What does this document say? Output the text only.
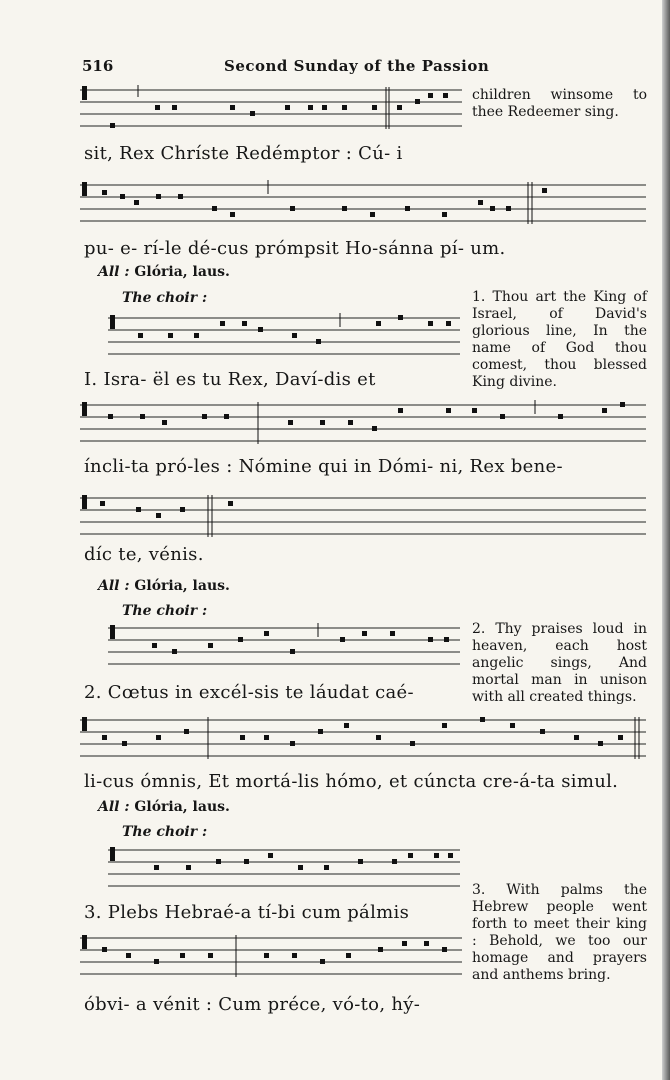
516	Second Sunday of the Passion

children winsome to thee Redeemer sing.

sit, Rex Chríste Redémptor : Cú- i
pu- e- rí-le dé-cus prómpsit Ho-sánna pí- um.
All : Glória, laus.
The choir :	1. Thou art the King of Israel, of David's glorious line, In the name of God thou comest, thou blessed King divine.

I. Isra- ël es tu Rex, Daví-dis et
íncli-ta pró-les : Nómine qui in Dómi- ni, Rex bene-
díc te, vénis.
All : Glória, laus.
The choir :

2. Thy praises loud in heaven, each host angelic sings, And mortal man in unison with all created things.

2. Cœtus in excél-sis te láudat caé-
li-cus ómnis, Et mortá-lis hómo, et cúncta cre-á-ta simul.
All : Glória, laus.
The choir :

3. With palms the Hebrew people went forth to meet their king : Behold, we too our homage and prayers and anthems bring.

3. Plebs Hebraé-a tí-bi cum pálmis
óbvi- a vénit : Cum préce, vó-to, hý-
